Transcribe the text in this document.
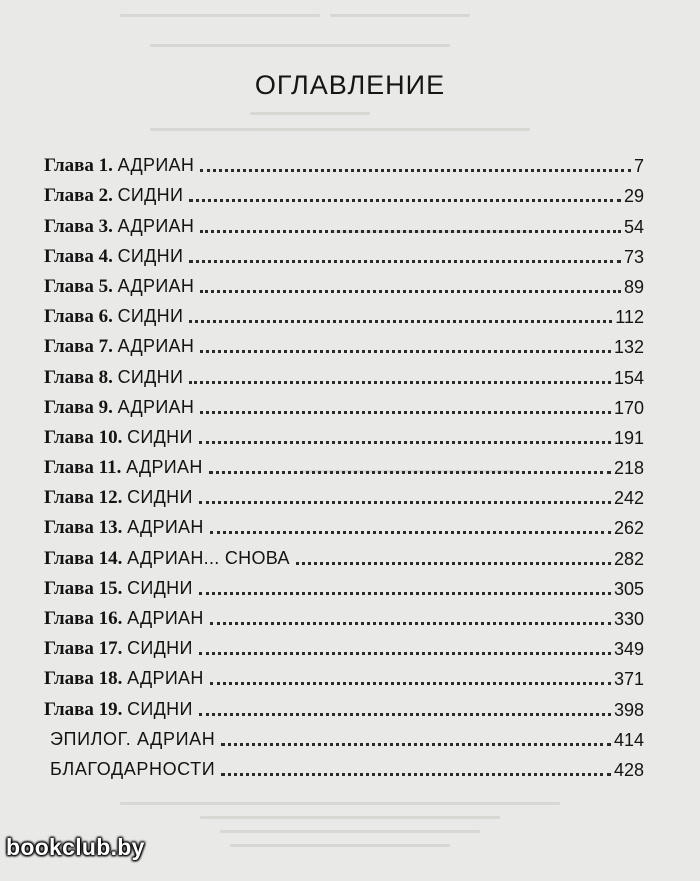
ОГЛАВЛЕНИЕ
Глава 1. АДРИАН	7
Глава 2. СИДНИ	29
Глава 3. АДРИАН	54
Глава 4. СИДНИ	73
Глава 5. АДРИАН	89
Глава 6. СИДНИ	112
Глава 7. АДРИАН	132
Глава 8. СИДНИ	154
Глава 9. АДРИАН	170
Глава 10. СИДНИ	191
Глава 11. АДРИАН	218
Глава 12. СИДНИ	242
Глава 13. АДРИАН	262
Глава 14. АДРИАН... СНОВА	282
Глава 15. СИДНИ	305
Глава 16. АДРИАН	330
Глава 17. СИДНИ	349
Глава 18. АДРИАН	371
Глава 19. СИДНИ	398
ЭПИЛОГ. АДРИАН	414
БЛАГОДАРНОСТИ	428
bookclub.by
